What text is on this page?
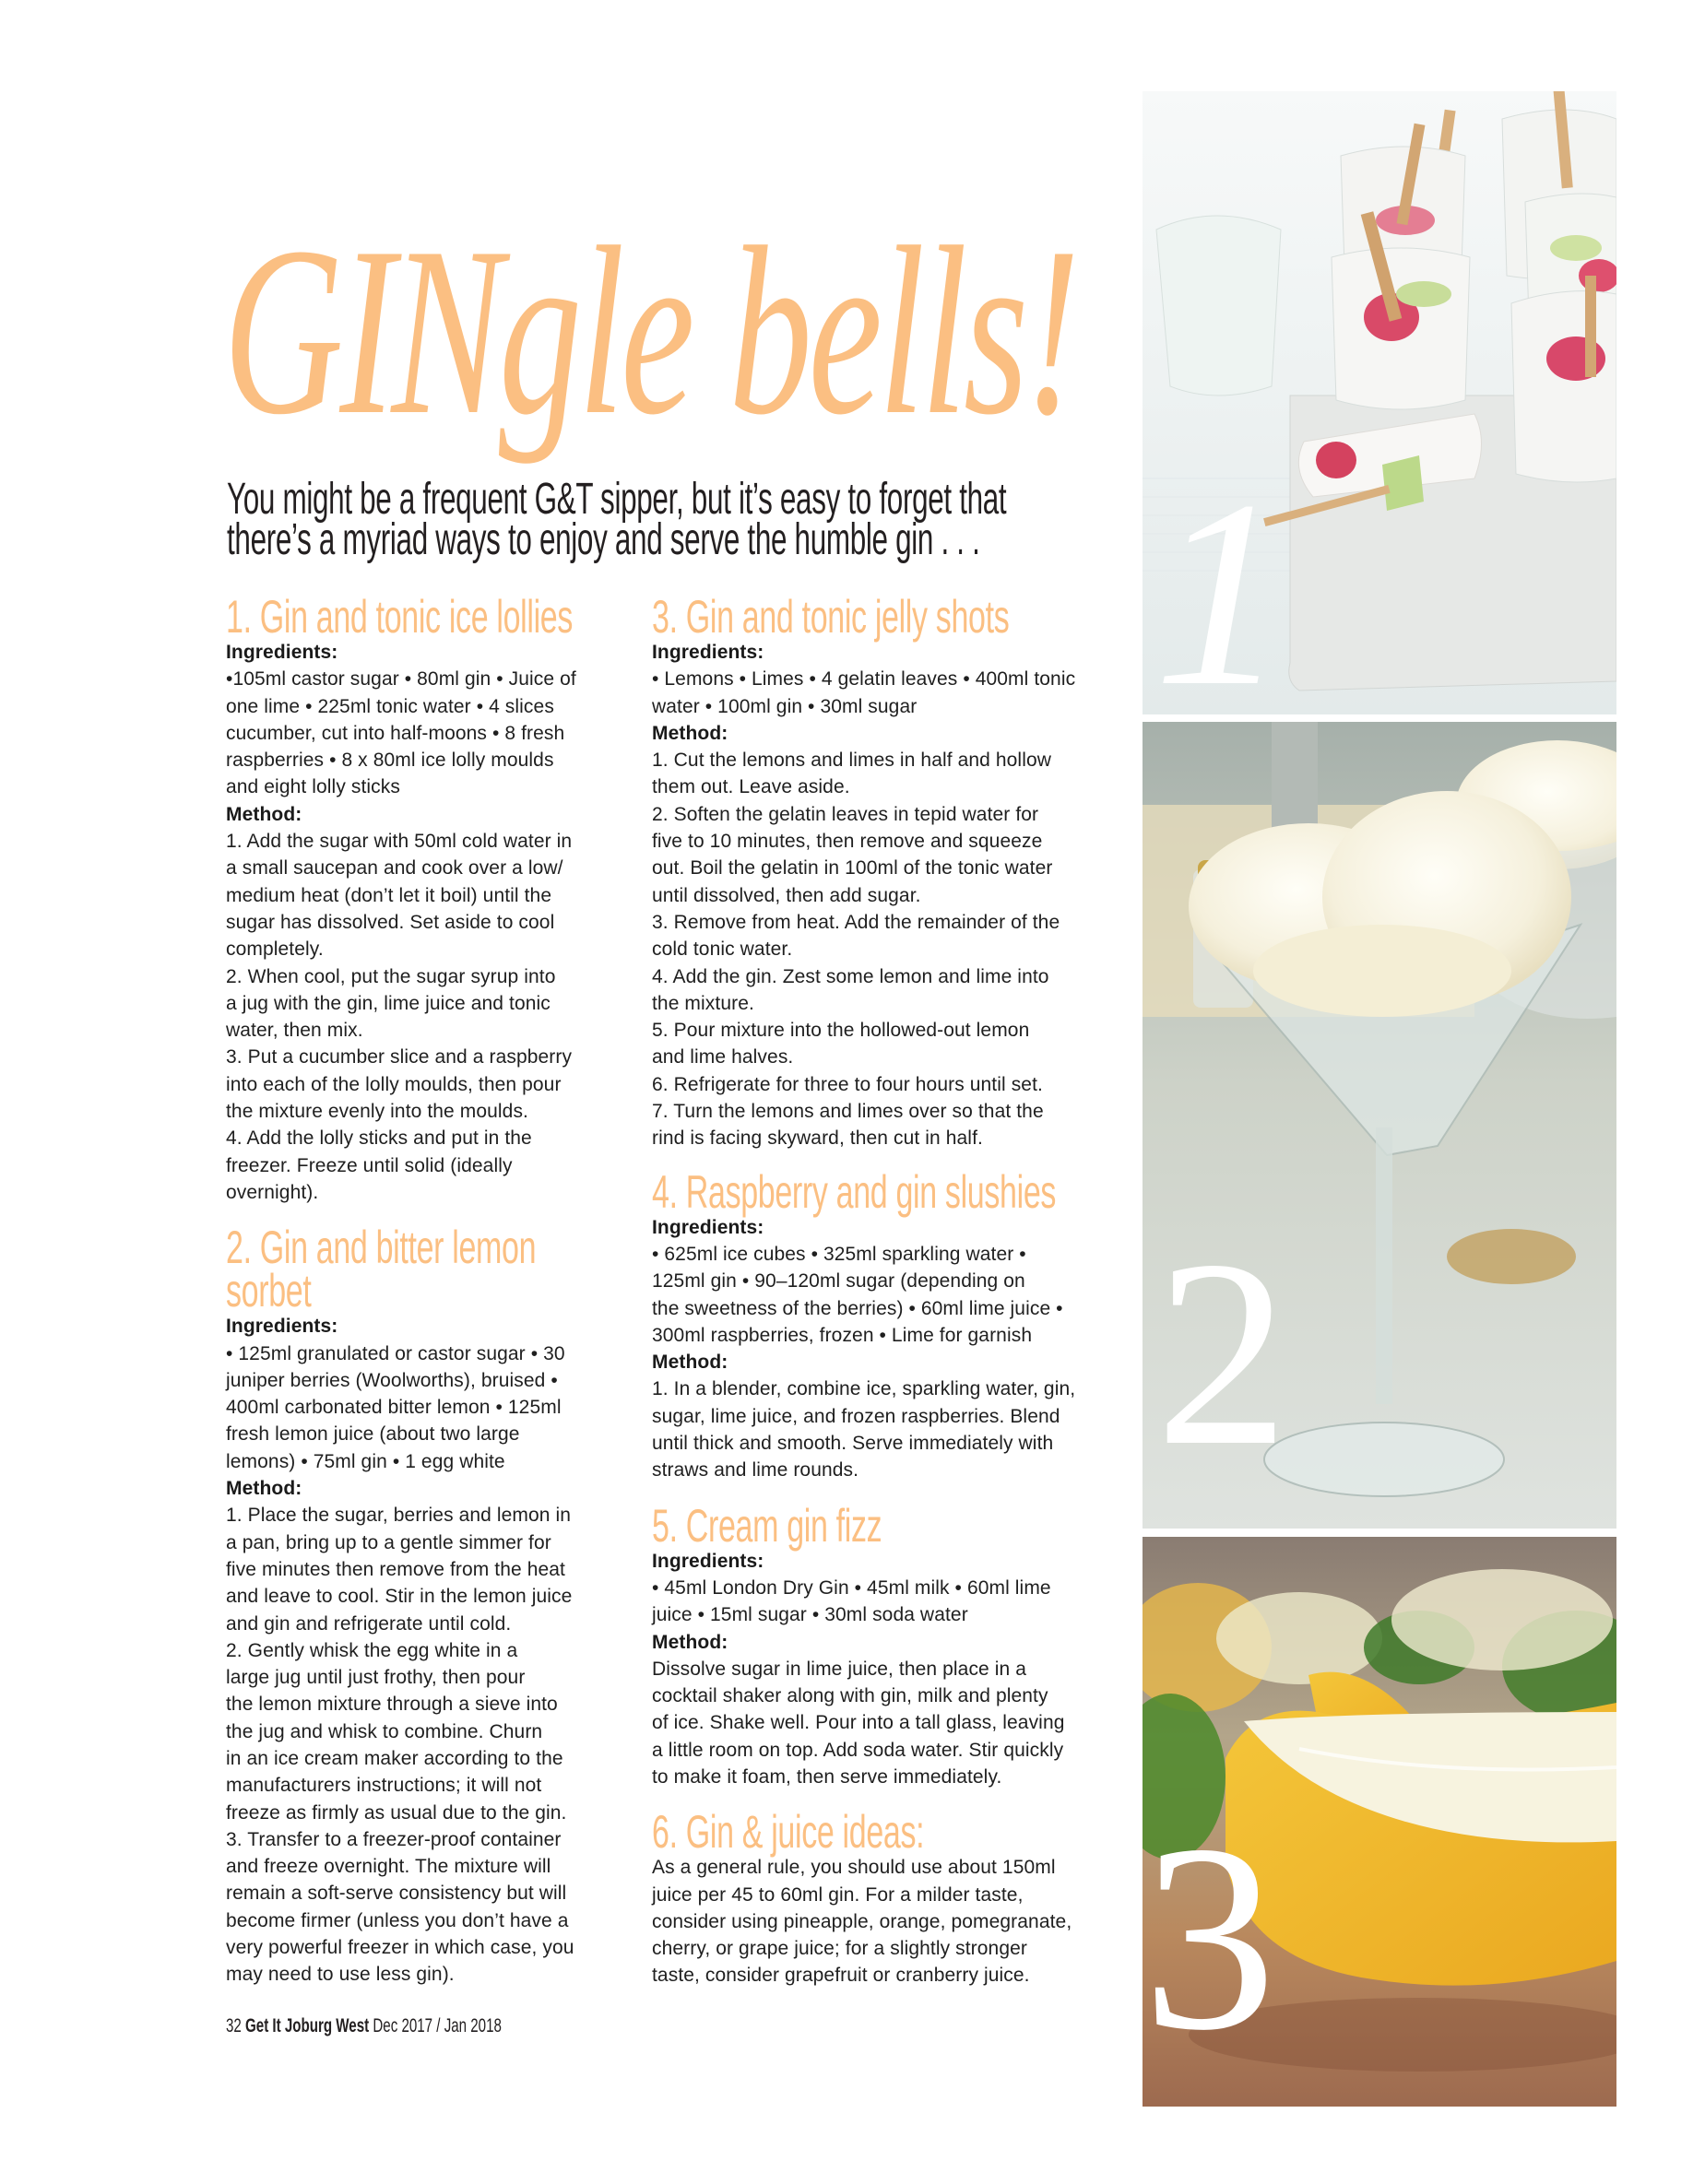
GINgle bells!
You might be a frequent G&T sipper, but it’s easy to forget that
there’s a myriad ways to enjoy and serve the humble gin . . .
1. Gin and tonic ice lollies
Ingredients:
•105ml castor sugar • 80ml gin • Juice of
one lime • 225ml tonic water • 4 slices
cucumber, cut into half-moons • 8 fresh
raspberries • 8 x 80ml ice lolly moulds
and eight lolly sticks
Method:
1. Add the sugar with 50ml cold water in
a small saucepan and cook over a low/
medium heat (don’t let it boil) until the
sugar has dissolved. Set aside to cool
completely.
2. When cool, put the sugar syrup into
a jug with the gin, lime juice and tonic
water, then mix.
3. Put a cucumber slice and a raspberry
into each of the lolly moulds, then pour
the mixture evenly into the moulds.
4. Add the lolly sticks and put in the
freezer. Freeze until solid (ideally
overnight).
2. Gin and bitter lemon
sorbet
Ingredients:
• 125ml granulated or castor sugar • 30
juniper berries (Woolworths), bruised •
400ml carbonated bitter lemon • 125ml
fresh lemon juice (about two large
lemons) • 75ml gin • 1 egg white
Method:
1. Place the sugar, berries and lemon in
a pan, bring up to a gentle simmer for
five minutes then remove from the heat
and leave to cool. Stir in the lemon juice
and gin and refrigerate until cold.
2. Gently whisk the egg white in a
large jug until just frothy, then pour
the lemon mixture through a sieve into
the jug and whisk to combine. Churn
in an ice cream maker according to the
manufacturers instructions; it will not
freeze as firmly as usual due to the gin.
3. Transfer to a freezer-proof container
and freeze overnight. The mixture will
remain a soft-serve consistency but will
become firmer (unless you don’t have a
very powerful freezer in which case, you
may need to use less gin).
3. Gin and tonic jelly shots
Ingredients:
• Lemons • Limes • 4 gelatin leaves • 400ml tonic
water • 100ml gin • 30ml sugar
Method:
1. Cut the lemons and limes in half and hollow
them out. Leave aside.
2. Soften the gelatin leaves in tepid water for
five to 10 minutes, then remove and squeeze
out. Boil the gelatin in 100ml of the tonic water
until dissolved, then add sugar.
3. Remove from heat. Add the remainder of the
cold tonic water.
4. Add the gin. Zest some lemon and lime into
the mixture.
5. Pour mixture into the hollowed-out lemon
and lime halves.
6. Refrigerate for three to four hours until set.
7. Turn the lemons and limes over so that the
rind is facing skyward, then cut in half.
4. Raspberry and gin slushies
Ingredients:
• 625ml ice cubes • 325ml sparkling water •
125ml gin • 90–120ml sugar (depending on
the sweetness of the berries) • 60ml lime juice •
300ml raspberries, frozen • Lime for garnish
Method:
1. In a blender, combine ice, sparkling water, gin,
sugar, lime juice, and frozen raspberries. Blend
until thick and smooth. Serve immediately with
straws and lime rounds.
5. Cream gin fizz
Ingredients:
• 45ml London Dry Gin • 45ml milk • 60ml lime
juice • 15ml sugar • 30ml soda water
Method:
Dissolve sugar in lime juice, then place in a
cocktail shaker along with gin, milk and plenty
of ice. Shake well. Pour into a tall glass, leaving
a little room on top. Add soda water. Stir quickly
to make it foam, then serve immediately.
6. Gin & juice ideas:
As a general rule, you should use about 150ml
juice per 45 to 60ml gin. For a milder taste,
consider using pineapple, orange, pomegranate,
cherry, or grape juice; for a slightly stronger
taste, consider grapefruit or cranberry juice.
32 Get It Joburg West Dec 2017 / Jan 2018
1
2
3
